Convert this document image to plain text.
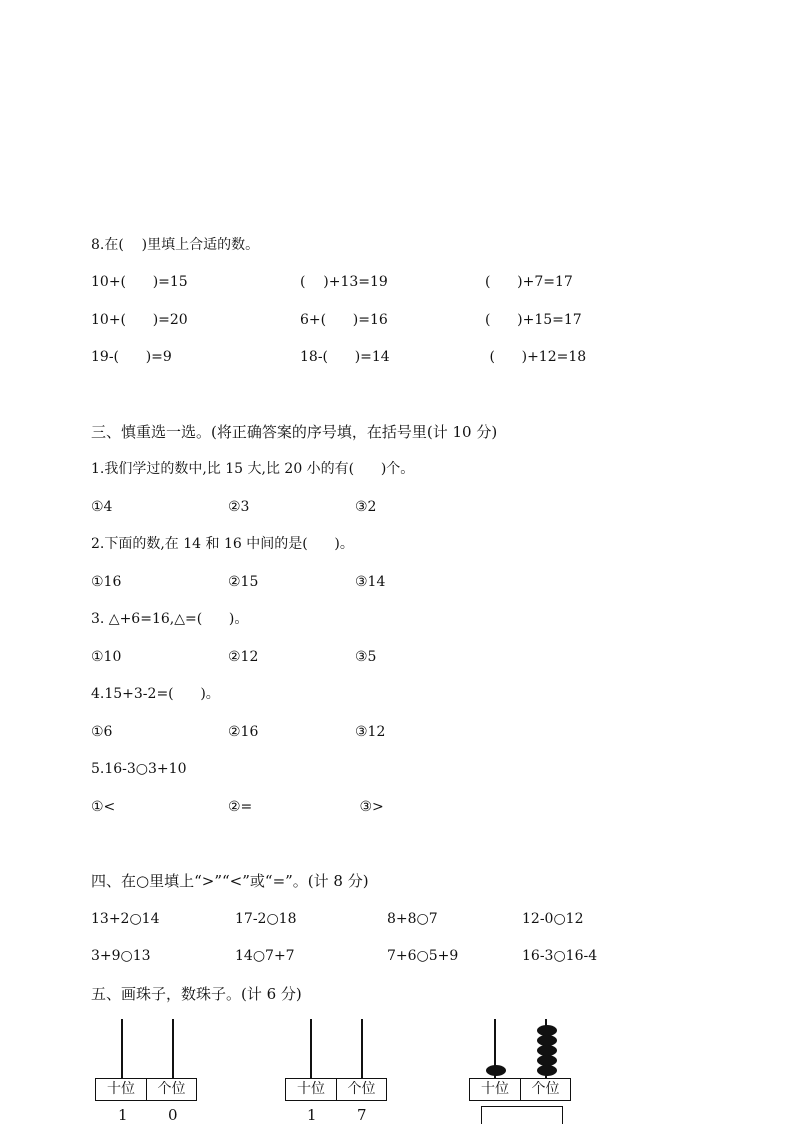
8.在(    )里填上合适的数。
10+(      )=15	(    )+13=19	(      )+7=17
10+(      )=20	6+(      )=16	(      )+15=17
19-(      )=9	18-(      )=14	(      )+12=18
三、慎重选一选。(将正确答案的序号填，在括号里(计 10 分)
1.我们学过的数中,比 15 大,比 20 小的有(      )个。
①4	②3	③2
2.下面的数,在 14 和 16 中间的是(      )。
①16	②15	③14
3. △+6=16,△=(      )。
①10	②12	③5
4.15+3-2=(      )。
①6	②16	③12
5.16-3○3+10
①<	②=	③>
四、在○里填上“>”“<”或“=”。(计 8 分)
13+2○14	17-2○18	8+8○7	12-0○12
3+9○13	14○7+7	7+6○5+9	16-3○16-4
五、画珠子，数珠子。(计 6 分)
十位	个位
1	0
十位	个位
1	7
十位	个位
